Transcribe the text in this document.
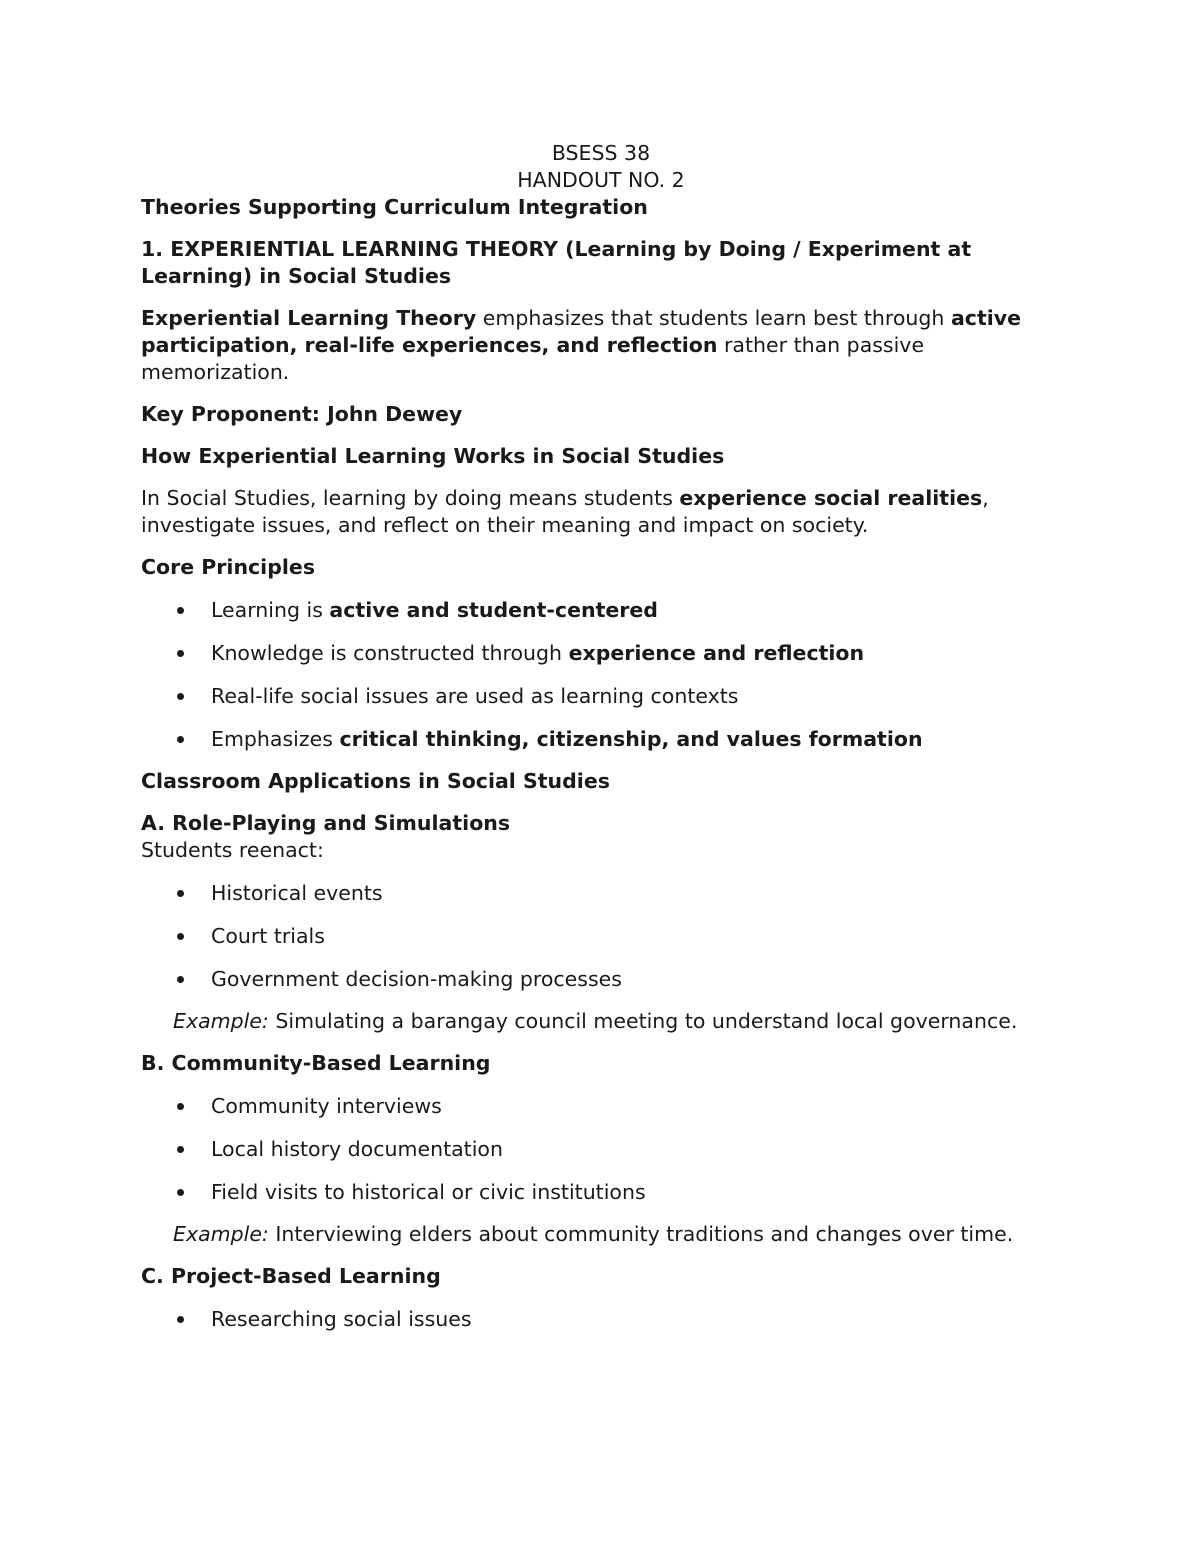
BSESS 38

HANDOUT NO. 2

Theories Supporting Curriculum Integration

1. EXPERIENTIAL LEARNING THEORY (Learning by Doing / Experiment at Learning) in Social Studies

Experiential Learning Theory emphasizes that students learn best through active participation, real-life experiences, and reflection rather than passive memorization.

Key Proponent: John Dewey

How Experiential Learning Works in Social Studies

In Social Studies, learning by doing means students experience social realities, investigate issues, and reflect on their meaning and impact on society.

Core Principles

Learning is active and student-centered
Knowledge is constructed through experience and reflection
Real-life social issues are used as learning contexts
Emphasizes critical thinking, citizenship, and values formation

Classroom Applications in Social Studies

A. Role-Playing and Simulations

Students reenact:

Historical events
Court trials
Government decision-making processes

Example: Simulating a barangay council meeting to understand local governance.

B. Community-Based Learning

Community interviews
Local history documentation
Field visits to historical or civic institutions

Example: Interviewing elders about community traditions and changes over time.

C. Project-Based Learning

Researching social issues
